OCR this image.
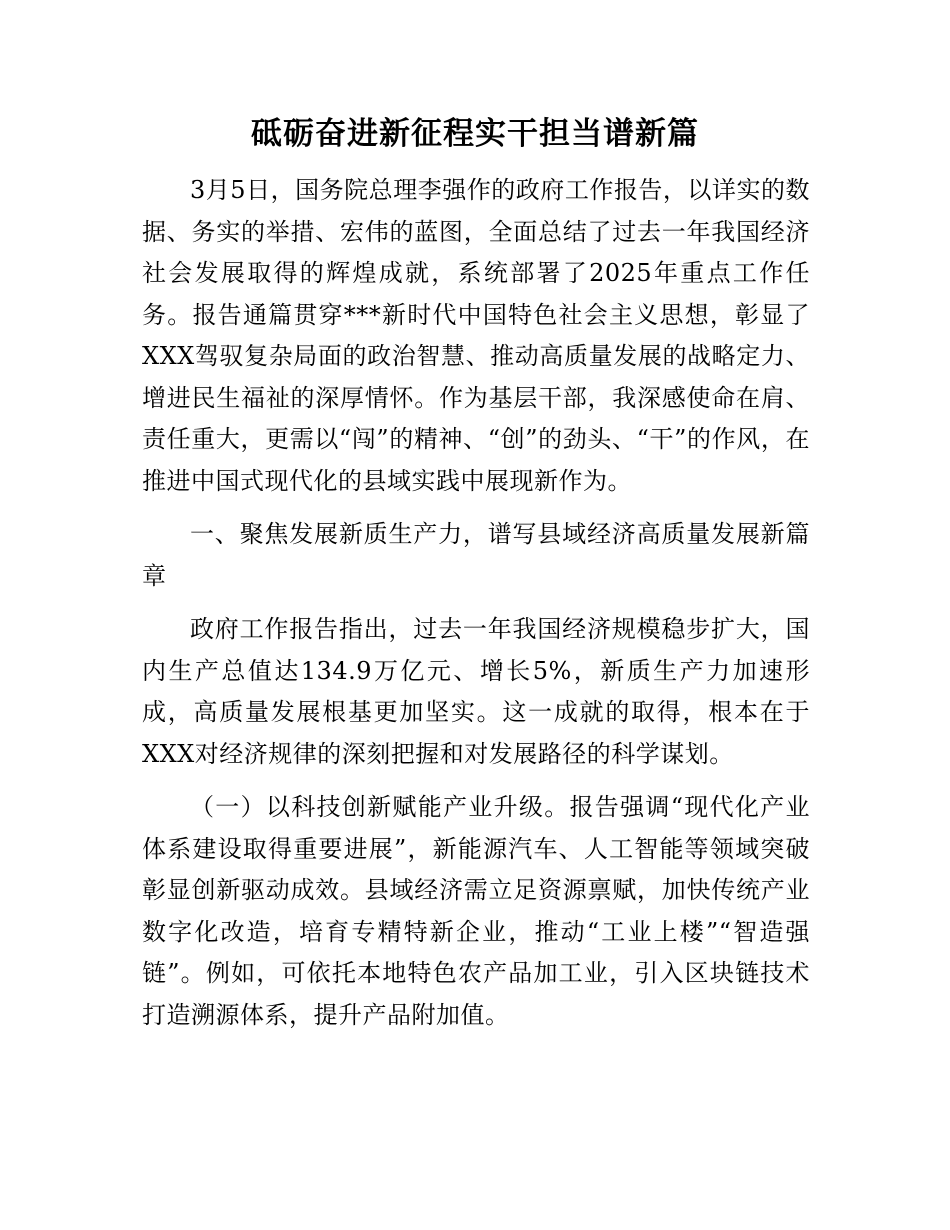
砥砺奋进新征程实干担当谱新篇

3月5日，国务院总理李强作的政府工作报告，以详实的数据、务实的举措、宏伟的蓝图，全面总结了过去一年我国经济社会发展取得的辉煌成就，系统部署了2025年重点工作任务。报告通篇贯穿***新时代中国特色社会主义思想，彰显了XXX驾驭复杂局面的政治智慧、推动高质量发展的战略定力、增进民生福祉的深厚情怀。作为基层干部，我深感使命在肩、责任重大，更需以“闯”的精神、“创”的劲头、“干”的作风，在推进中国式现代化的县域实践中展现新作为。

一、聚焦发展新质生产力，谱写县域经济高质量发展新篇章

政府工作报告指出，过去一年我国经济规模稳步扩大，国内生产总值达134.9万亿元、增长5%，新质生产力加速形成，高质量发展根基更加坚实。这一成就的取得，根本在于XXX对经济规律的深刻把握和对发展路径的科学谋划。

（一）以科技创新赋能产业升级。报告强调“现代化产业体系建设取得重要进展”，新能源汽车、人工智能等领域突破彰显创新驱动成效。县域经济需立足资源禀赋，加快传统产业数字化改造，培育专精特新企业，推动“工业上楼”“智造强链”。例如，可依托本地特色农产品加工业，引入区块链技术打造溯源体系，提升产品附加值。
